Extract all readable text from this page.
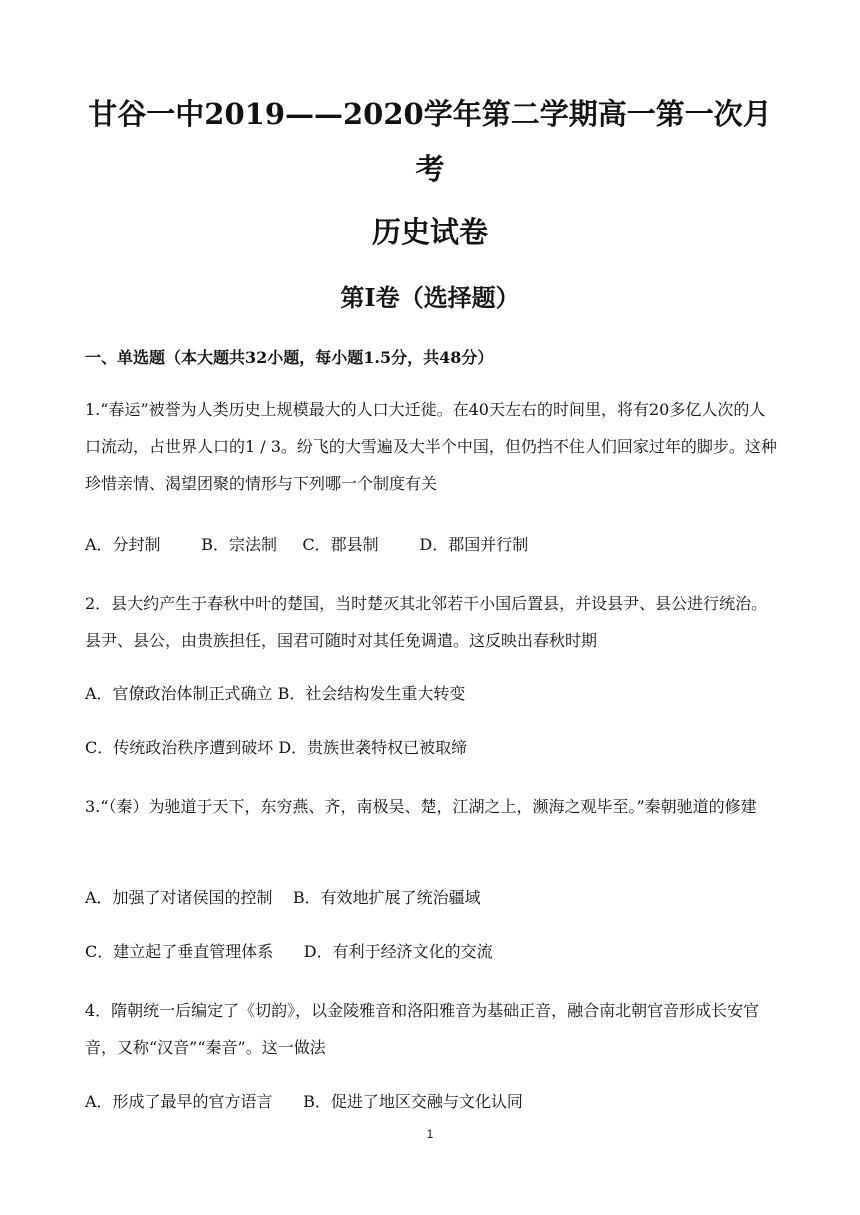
甘谷一中2019——2020学年第二学期高一第一次月
考
历史试卷
第Ⅰ卷（选择题）
一、单选题（本大题共32小题，每小题1.5分，共48分）

1.“春运”被誉为人类历史上规模最大的人口大迁徙。在40天左右的时间里，将有20多亿人次的人口流动，占世界人口的1 / 3。纷飞的大雪遍及大半个中国，但仍挡不住人们回家过年的脚步。这种珍惜亲情、渴望团聚的情形与下列哪一个制度有关

A．分封制        B．宗法制     C．郡县制        D．郡国并行制

2．县大约产生于春秋中叶的楚国，当时楚灭其北邻若干小国后置县，并设县尹、县公进行统治。县尹、县公，由贵族担任，国君可随时对其任免调遣。这反映出春秋时期

A．官僚政治体制正式确立 B．社会结构发生重大转变
C．传统政治秩序遭到破坏 D．贵族世袭特权已被取缔

3.“（秦）为驰道于天下，东穷燕、齐，南极吴、楚，江湖之上，濒海之观毕至。”秦朝驰道的修建

A．加强了对诸侯国的控制    B．有效地扩展了统治疆域
C．建立起了垂直管理体系      D．有利于经济文化的交流

4．隋朝统一后编定了《切韵》，以金陵雅音和洛阳雅音为基础正音，融合南北朝官音形成长安官音，又称“汉音”“秦音”。这一做法

A．形成了最早的官方语言      B．促进了地区交融与文化认同
1
